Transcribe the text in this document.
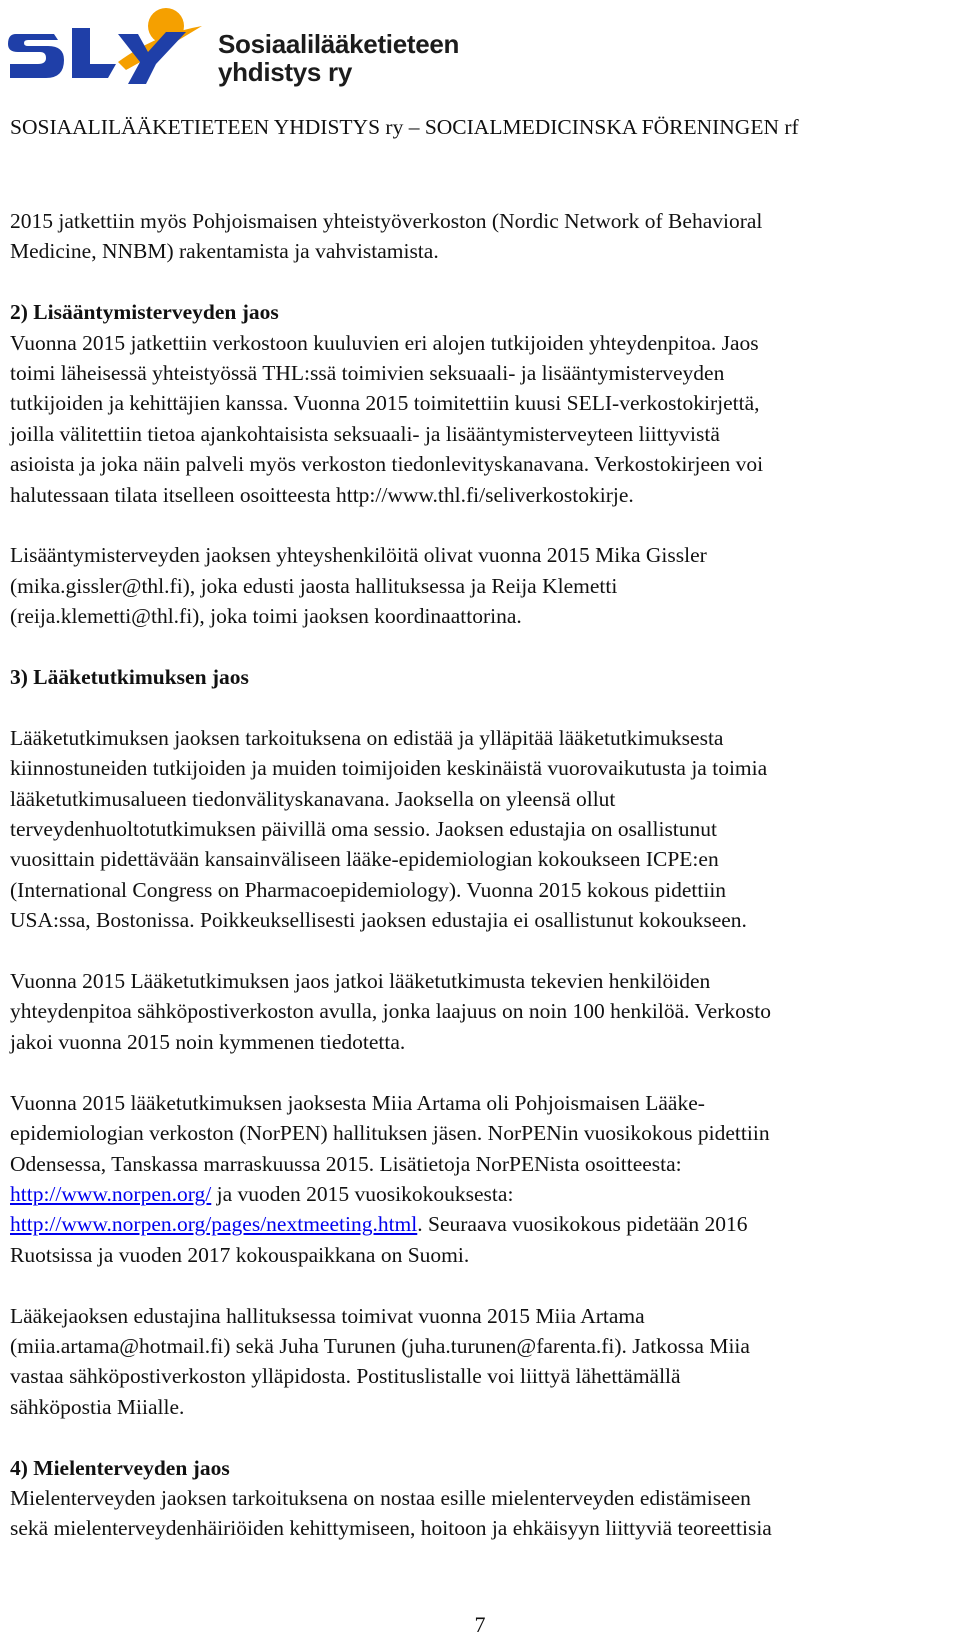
Sosiaalilääketieteen
yhdistys ry
SOSIAALILÄÄKETIETEEN YHDISTYS ry – SOCIALMEDICINSKA FÖRENINGEN rf

2015 jatkettiin myös Pohjoismaisen yhteistyöverkoston (Nordic Network of Behavioral
Medicine, NNBM) rakentamista ja vahvistamista.

2) Lisääntymisterveyden jaos

Vuonna 2015 jatkettiin verkostoon kuuluvien eri alojen tutkijoiden yhteydenpitoa. Jaos
toimi läheisessä yhteistyössä THL:ssä toimivien seksuaali- ja lisääntymisterveyden
tutkijoiden ja kehittäjien kanssa. Vuonna 2015 toimitettiin kuusi SELI-verkostokirjettä,
joilla välitettiin tietoa ajankohtaisista seksuaali- ja lisääntymisterveyteen liittyvistä
asioista ja joka näin palveli myös verkoston tiedonlevityskanavana. Verkostokirjeen voi
halutessaan tilata itselleen osoitteesta http://www.thl.fi/seliverkostokirje.

Lisääntymisterveyden jaoksen yhteyshenkilöitä olivat vuonna 2015 Mika Gissler
(mika.gissler@thl.fi), joka edusti jaosta hallituksessa ja Reija Klemetti
(reija.klemetti@thl.fi), joka toimi jaoksen koordinaattorina.

3) Lääketutkimuksen jaos

Lääketutkimuksen jaoksen tarkoituksena on edistää ja ylläpitää lääketutkimuksesta
kiinnostuneiden tutkijoiden ja muiden toimijoiden keskinäistä vuorovaikutusta ja toimia
lääketutkimusalueen tiedonvälityskanavana. Jaoksella on yleensä ollut
terveydenhuoltotutkimuksen päivillä oma sessio. Jaoksen edustajia on osallistunut
vuosittain pidettävään kansainväliseen lääke-epidemiologian kokoukseen ICPE:en
(International Congress on Pharmacoepidemiology). Vuonna 2015 kokous pidettiin
USA:ssa, Bostonissa. Poikkeuksellisesti jaoksen edustajia ei osallistunut kokoukseen.

Vuonna 2015 Lääketutkimuksen jaos jatkoi lääketutkimusta tekevien henkilöiden
yhteydenpitoa sähköpostiverkoston avulla, jonka laajuus on noin 100 henkilöä. Verkosto
jakoi vuonna 2015 noin kymmenen tiedotetta.

Vuonna 2015 lääketutkimuksen jaoksesta Miia Artama oli Pohjoismaisen Lääke-
epidemiologian verkoston (NorPEN) hallituksen jäsen. NorPENin vuosikokous pidettiin
Odensessa, Tanskassa marraskuussa 2015. Lisätietoja NorPENista osoitteesta:
http://www.norpen.org/ ja vuoden 2015 vuosikokouksesta:
http://www.norpen.org/pages/nextmeeting.html. Seuraava vuosikokous pidetään 2016
Ruotsissa ja vuoden 2017 kokouspaikkana on Suomi.

Lääkejaoksen edustajina hallituksessa toimivat vuonna 2015 Miia Artama
(miia.artama@hotmail.fi) sekä Juha Turunen (juha.turunen@farenta.fi). Jatkossa Miia
vastaa sähköpostiverkoston ylläpidosta. Postituslistalle voi liittyä lähettämällä
sähköpostia Miialle.

4) Mielenterveyden jaos

Mielenterveyden jaoksen tarkoituksena on nostaa esille mielenterveyden edistämiseen
sekä mielenterveydenhäiriöiden kehittymiseen, hoitoon ja ehkäisyyn liittyviä teoreettisia

7
